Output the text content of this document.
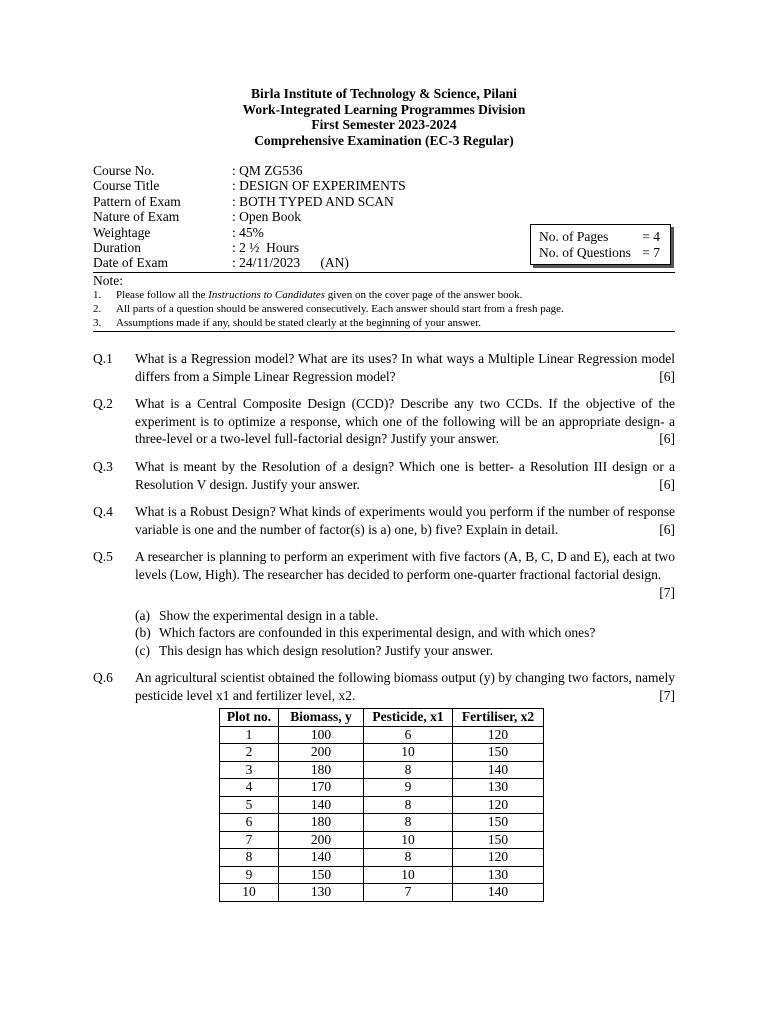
Birla Institute of Technology & Science, Pilani
Work-Integrated Learning Programmes Division
First Semester 2023-2024
Comprehensive Examination (EC-3 Regular)
Course No.	: QM ZG536
Course Title	: DESIGN OF EXPERIMENTS
Pattern of Exam	: BOTH TYPED AND SCAN
Nature of Exam	: Open Book
Weightage	: 45%
Duration	: 2 ½  Hours
Date of Exam	: 24/11/2023      (AN)
No. of Pages	= 4
No. of Questions = 7
Note:
1.	Please follow all the Instructions to Candidates given on the cover page of the answer book.
2.	All parts of a question should be answered consecutively. Each answer should start from a fresh page.
3.	Assumptions made if any, should be stated clearly at the beginning of your answer.
Q.1	What is a Regression model? What are its uses? In what ways a Multiple Linear Regression model differs from a Simple Linear Regression model?	[6]
Q.2	What is a Central Composite Design (CCD)? Describe any two CCDs. If the objective of the experiment is to optimize a response, which one of the following will be an appropriate design- a three-level or a two-level full-factorial design? Justify your answer.	[6]
Q.3	What is meant by the Resolution of a design? Which one is better- a Resolution III design or a Resolution V design. Justify your answer.	[6]
Q.4	What is a Robust Design? What kinds of experiments would you perform if the number of response variable is one and the number of factor(s) is a) one, b) five? Explain in detail.	[6]
Q.5	A researcher is planning to perform an experiment with five factors (A, B, C, D and E), each at two levels (Low, High). The researcher has decided to perform one-quarter fractional factorial design.
[7]
(a) Show the experimental design in a table.
(b) Which factors are confounded in this experimental design, and with which ones?
(c) This design has which design resolution? Justify your answer.
Q.6	An agricultural scientist obtained the following biomass output (y) by changing two factors, namely pesticide level x1 and fertilizer level, x2.	[7]
Plot no.	Biomass, y	Pesticide, x1	Fertiliser, x2
1	100	6	120
2	200	10	150
3	180	8	140
4	170	9	130
5	140	8	120
6	180	8	150
7	200	10	150
8	140	8	120
9	150	10	130
10	130	7	140
